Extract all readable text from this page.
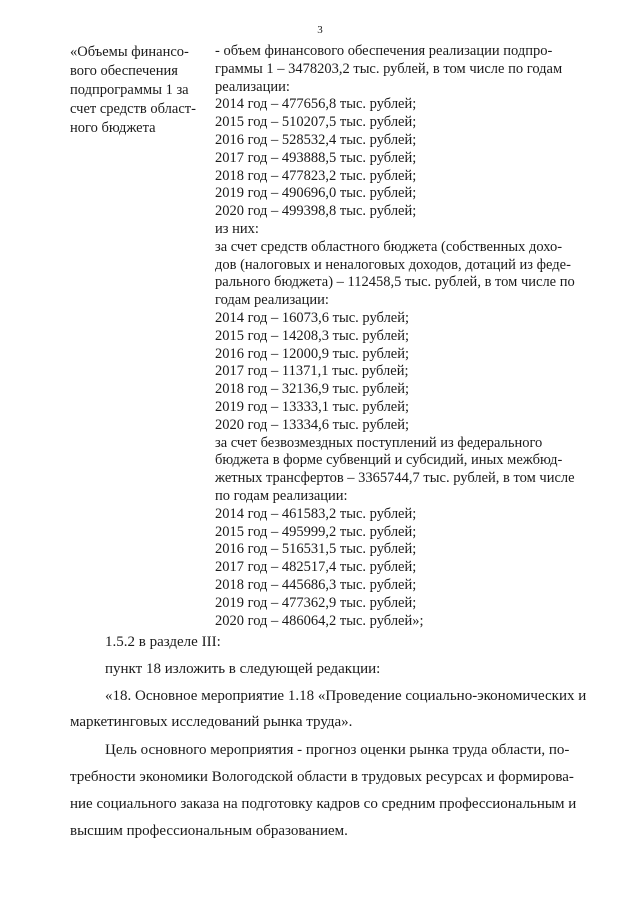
3
«Объемы финансо-
вого обеспечения
подпрограммы 1 за
счет средств област-
ного бюджета
- объем финансового обеспечения реализации подпро-
граммы 1 – 3478203,2 тыс. рублей, в том числе по годам
реализации:
2014 год – 477656,8 тыс. рублей;
2015 год – 510207,5 тыс. рублей;
2016 год – 528532,4 тыс. рублей;
2017 год – 493888,5 тыс. рублей;
2018 год – 477823,2 тыс. рублей;
2019 год – 490696,0 тыс. рублей;
2020 год – 499398,8 тыс. рублей;
из них:
за счет средств областного бюджета (собственных дохо-
дов (налоговых и неналоговых доходов, дотаций из феде-
рального бюджета) – 112458,5 тыс. рублей, в том числе по
годам реализации:
2014 год – 16073,6 тыс. рублей;
2015 год – 14208,3 тыс. рублей;
2016 год – 12000,9 тыс. рублей;
2017 год – 11371,1 тыс. рублей;
2018 год – 32136,9 тыс. рублей;
2019 год – 13333,1 тыс. рублей;
2020 год – 13334,6 тыс. рублей;
за счет безвозмездных поступлений из федерального
бюджета в форме субвенций и субсидий, иных межбюд-
жетных трансфертов – 3365744,7 тыс. рублей, в том числе
по годам реализации:
2014 год – 461583,2 тыс. рублей;
2015 год – 495999,2 тыс. рублей;
2016 год – 516531,5 тыс. рублей;
2017 год – 482517,4 тыс. рублей;
2018 год – 445686,3 тыс. рублей;
2019 год – 477362,9 тыс. рублей;
2020 год – 486064,2 тыс. рублей»;
1.5.2 в разделе III:
пункт 18 изложить в следующей редакции:
«18. Основное мероприятие 1.18 «Проведение социально-экономических и
маркетинговых исследований рынка труда».
Цель основного мероприятия - прогноз оценки рынка труда области, по-
требности экономики Вологодской области в трудовых ресурсах и формирова-
ние социального заказа на подготовку кадров со средним профессиональным и
высшим профессиональным образованием.
